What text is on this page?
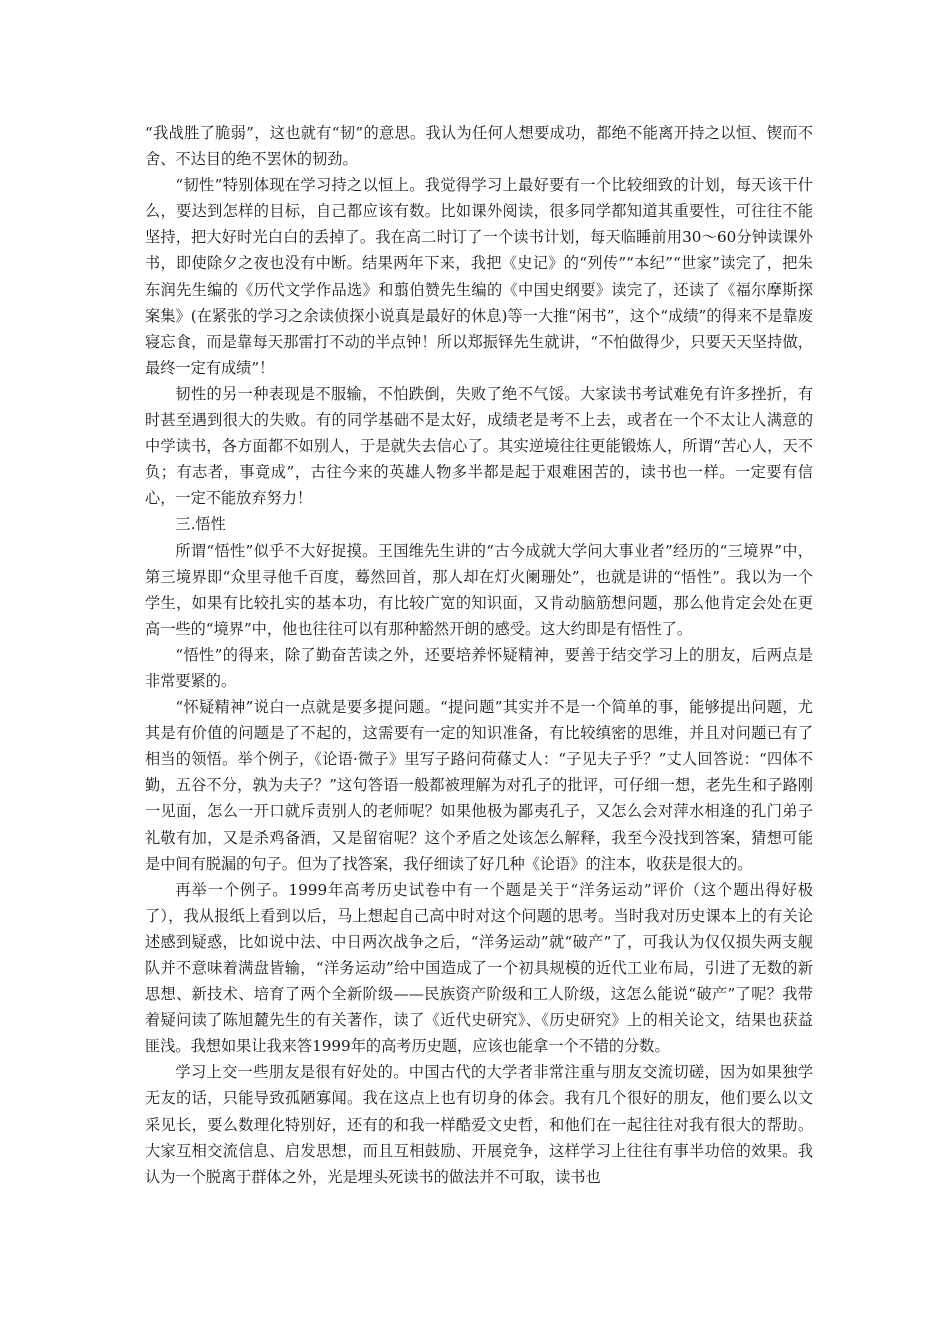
“我战胜了脆弱”，这也就有“韧”的意思。我认为任何人想要成功，都绝不能离开持之以恒、锲而不舍、不达目的绝不罢休的韧劲。

“韧性”特别体现在学习持之以恒上。我觉得学习上最好要有一个比较细致的计划，每天该干什么，要达到怎样的目标，自己都应该有数。比如课外阅读，很多同学都知道其重要性，可往往不能坚持，把大好时光白白的丢掉了。我在高二时订了一个读书计划，每天临睡前用30～60分钟读课外书，即使除夕之夜也没有中断。结果两年下来，我把《史记》的“列传”“本纪”“世家”读完了，把朱东润先生编的《历代文学作品选》和翦伯赞先生编的《中国史纲要》读完了，还读了《福尔摩斯探案集》(在紧张的学习之余读侦探小说真是最好的休息)等一大推“闲书”，这个“成绩”的得来不是靠废寝忘食，而是靠每天那雷打不动的半点钟！所以郑振铎先生就讲，“不怕做得少，只要天天坚持做，最终一定有成绩”！

韧性的另一种表现是不服输，不怕跌倒，失败了绝不气馁。大家读书考试难免有许多挫折，有时甚至遇到很大的失败。有的同学基础不是太好，成绩老是考不上去，或者在一个不太让人满意的中学读书，各方面都不如别人，于是就失去信心了。其实逆境往往更能锻炼人，所谓“苦心人，天不负；有志者，事竟成”，古往今来的英雄人物多半都是起于艰难困苦的，读书也一样。一定要有信心，一定不能放弃努力！

三.悟性

所谓“悟性”似乎不大好捉摸。王国维先生讲的“古今成就大学问大事业者”经历的“三境界”中，第三境界即“众里寻他千百度，蓦然回首，那人却在灯火阑珊处”，也就是讲的“悟性”。我以为一个学生，如果有比较扎实的基本功，有比较广宽的知识面，又肯动脑筋想问题，那么他肯定会处在更高一些的“境界”中，他也往往可以有那种豁然开朗的感受。这大约即是有悟性了。

“悟性”的得来，除了勤奋苦读之外，还要培养怀疑精神，要善于结交学习上的朋友，后两点是非常要紧的。

“怀疑精神”说白一点就是要多提问题。“提问题”其实并不是一个简单的事，能够提出问题，尤其是有价值的问题是了不起的，这需要有一定的知识准备，有比较缜密的思维，并且对问题已有了相当的领悟。举个例子，《论语·微子》里写子路问荷蓧丈人：“子见夫子乎？”丈人回答说：“四体不勤，五谷不分，孰为夫子？”这句答语一般都被理解为对孔子的批评，可仔细一想，老先生和子路刚一见面，怎么一开口就斥责别人的老师呢？如果他极为鄙夷孔子，又怎么会对萍水相逢的孔门弟子礼敬有加，又是杀鸡备酒，又是留宿呢？这个矛盾之处该怎么解释，我至今没找到答案，猜想可能是中间有脱漏的句子。但为了找答案，我仔细读了好几种《论语》的注本，收获是很大的。

再举一个例子。1999年高考历史试卷中有一个题是关于“洋务运动”评价（这个题出得好极了），我从报纸上看到以后，马上想起自己高中时对这个问题的思考。当时我对历史课本上的有关论述感到疑惑，比如说中法、中日两次战争之后，“洋务运动”就“破产”了，可我认为仅仅损失两支舰队并不意味着满盘皆输，“洋务运动”给中国造成了一个初具规模的近代工业布局，引进了无数的新思想、新技术、培育了两个全新阶级——民族资产阶级和工人阶级，这怎么能说“破产”了呢？我带着疑问读了陈旭麓先生的有关著作，读了《近代史研究》、《历史研究》上的相关论文，结果也获益匪浅。我想如果让我来答1999年的高考历史题，应该也能拿一个不错的分数。

学习上交一些朋友是很有好处的。中国古代的大学者非常注重与朋友交流切磋，因为如果独学无友的话，只能导致孤陋寡闻。我在这点上也有切身的体会。我有几个很好的朋友，他们要么以文采见长，要么数理化特别好，还有的和我一样酷爱文史哲，和他们在一起往往对我有很大的帮助。大家互相交流信息、启发思想，而且互相鼓励、开展竞争，这样学习上往往有事半功倍的效果。我认为一个脱离于群体之外，光是埋头死读书的做法并不可取，读书也
